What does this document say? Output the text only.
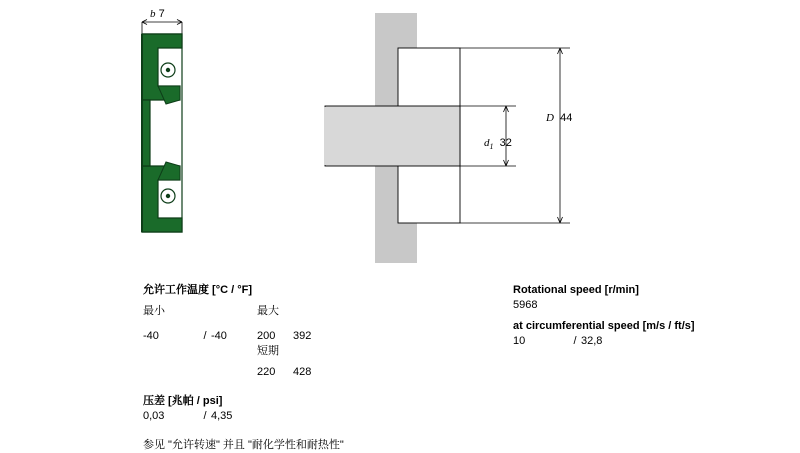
b 7
D 44
$d_1$ 32

允许工作温度 [°C / °F]

最小			最大	

-40	/	-40	200	392
			短期	

			220	428

压差 [兆帕 / psi]

0,03	/	4,35

参见 "允许转速" 并且 "耐化学性和耐热性"

Rotational speed [r/min]

5968

at circumferential speed [m/s / ft/s]

10	/	32,8
